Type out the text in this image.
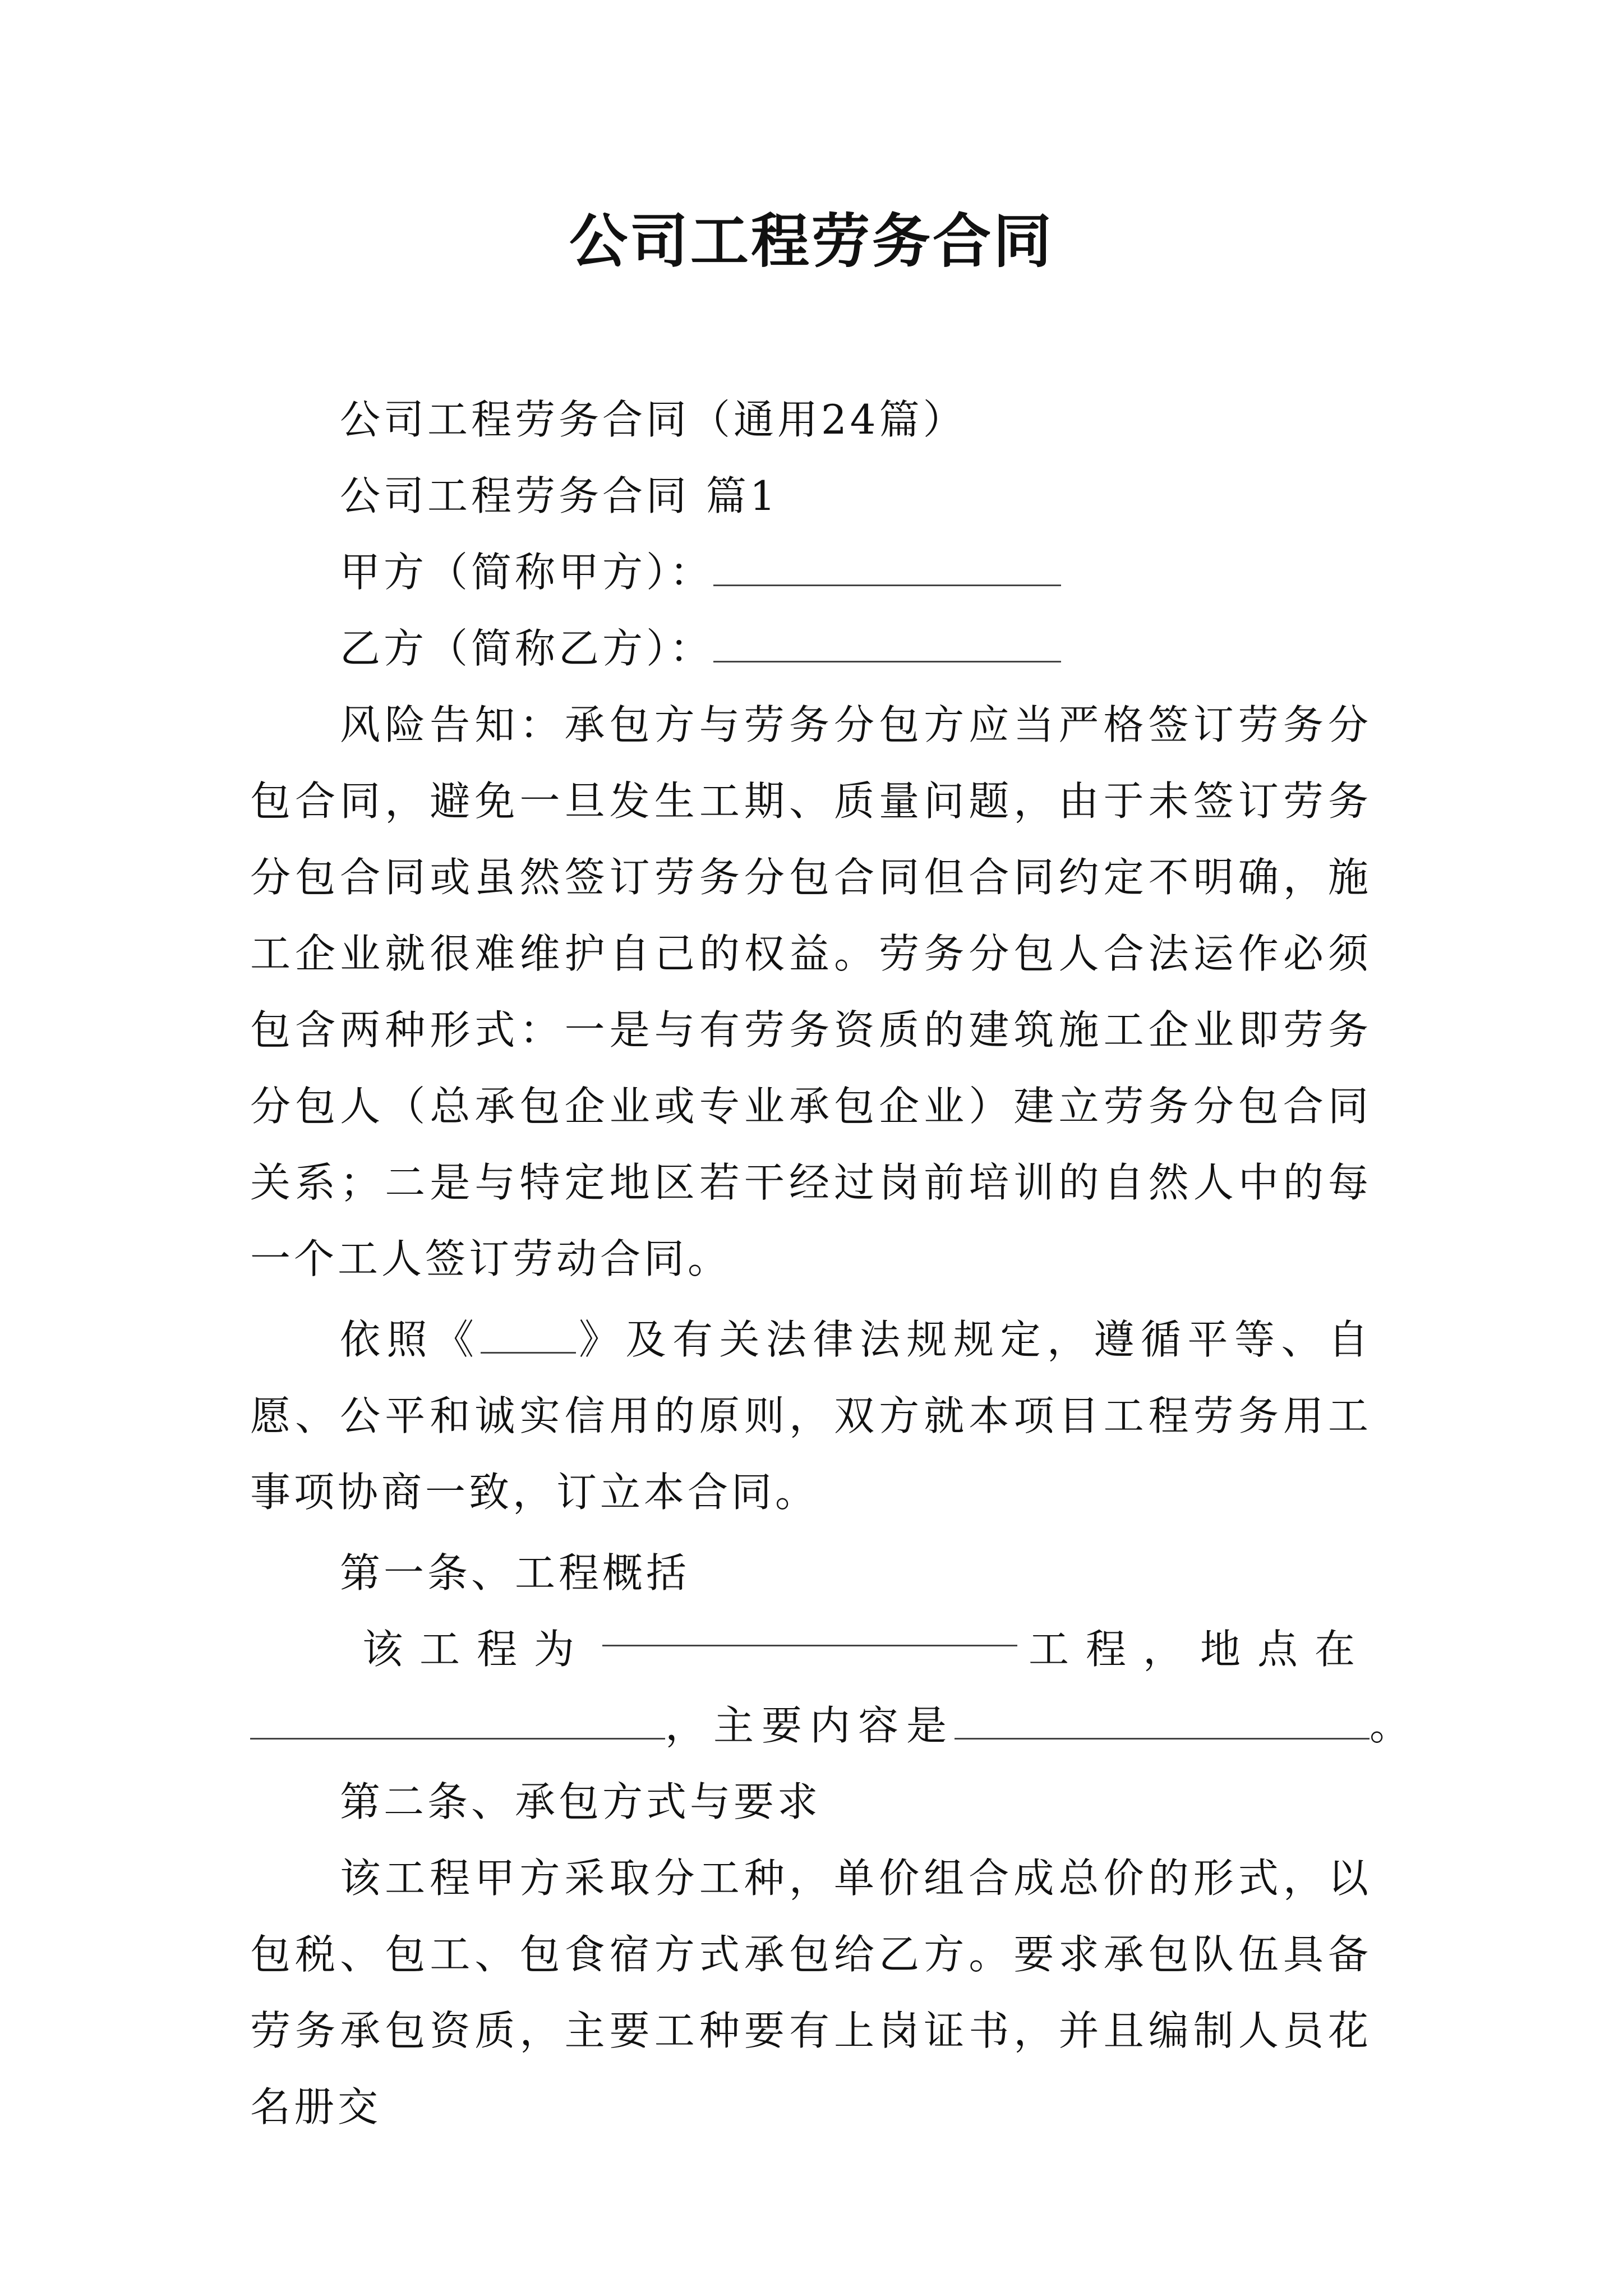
公司工程劳务合同

公司工程劳务合同（通用24篇）

公司工程劳务合同 篇1

甲方（简称甲方）：

乙方（简称乙方）：

风险告知：承包方与劳务分包方应当严格签订劳务分包合同，避免一旦发生工期、质量问题，由于未签订劳务分包合同或虽然签订劳务分包合同但合同约定不明确，施工企业就很难维护自己的权益。劳务分包人合法运作必须包含两种形式：一是与有劳务资质的建筑施工企业即劳务分包人（总承包企业或专业承包企业）建立劳务分包合同关系；二是与特定地区若干经过岗前培训的自然人中的每一个工人签订劳动合同。

依照《 》及有关法律法规规定，遵循平等、自愿、公平和诚实信用的原则，双方就本项目工程劳务用工事项协商一致，订立本合同。

第一条、工程概括

该工程为	工程，地点在
，主要内容是	。

第二条、承包方式与要求

该工程甲方采取分工种，单价组合成总价的形式，以包税、包工、包食宿方式承包给乙方。要求承包队伍具备劳务承包资质，主要工种要有上岗证书，并且编制人员花名册交
